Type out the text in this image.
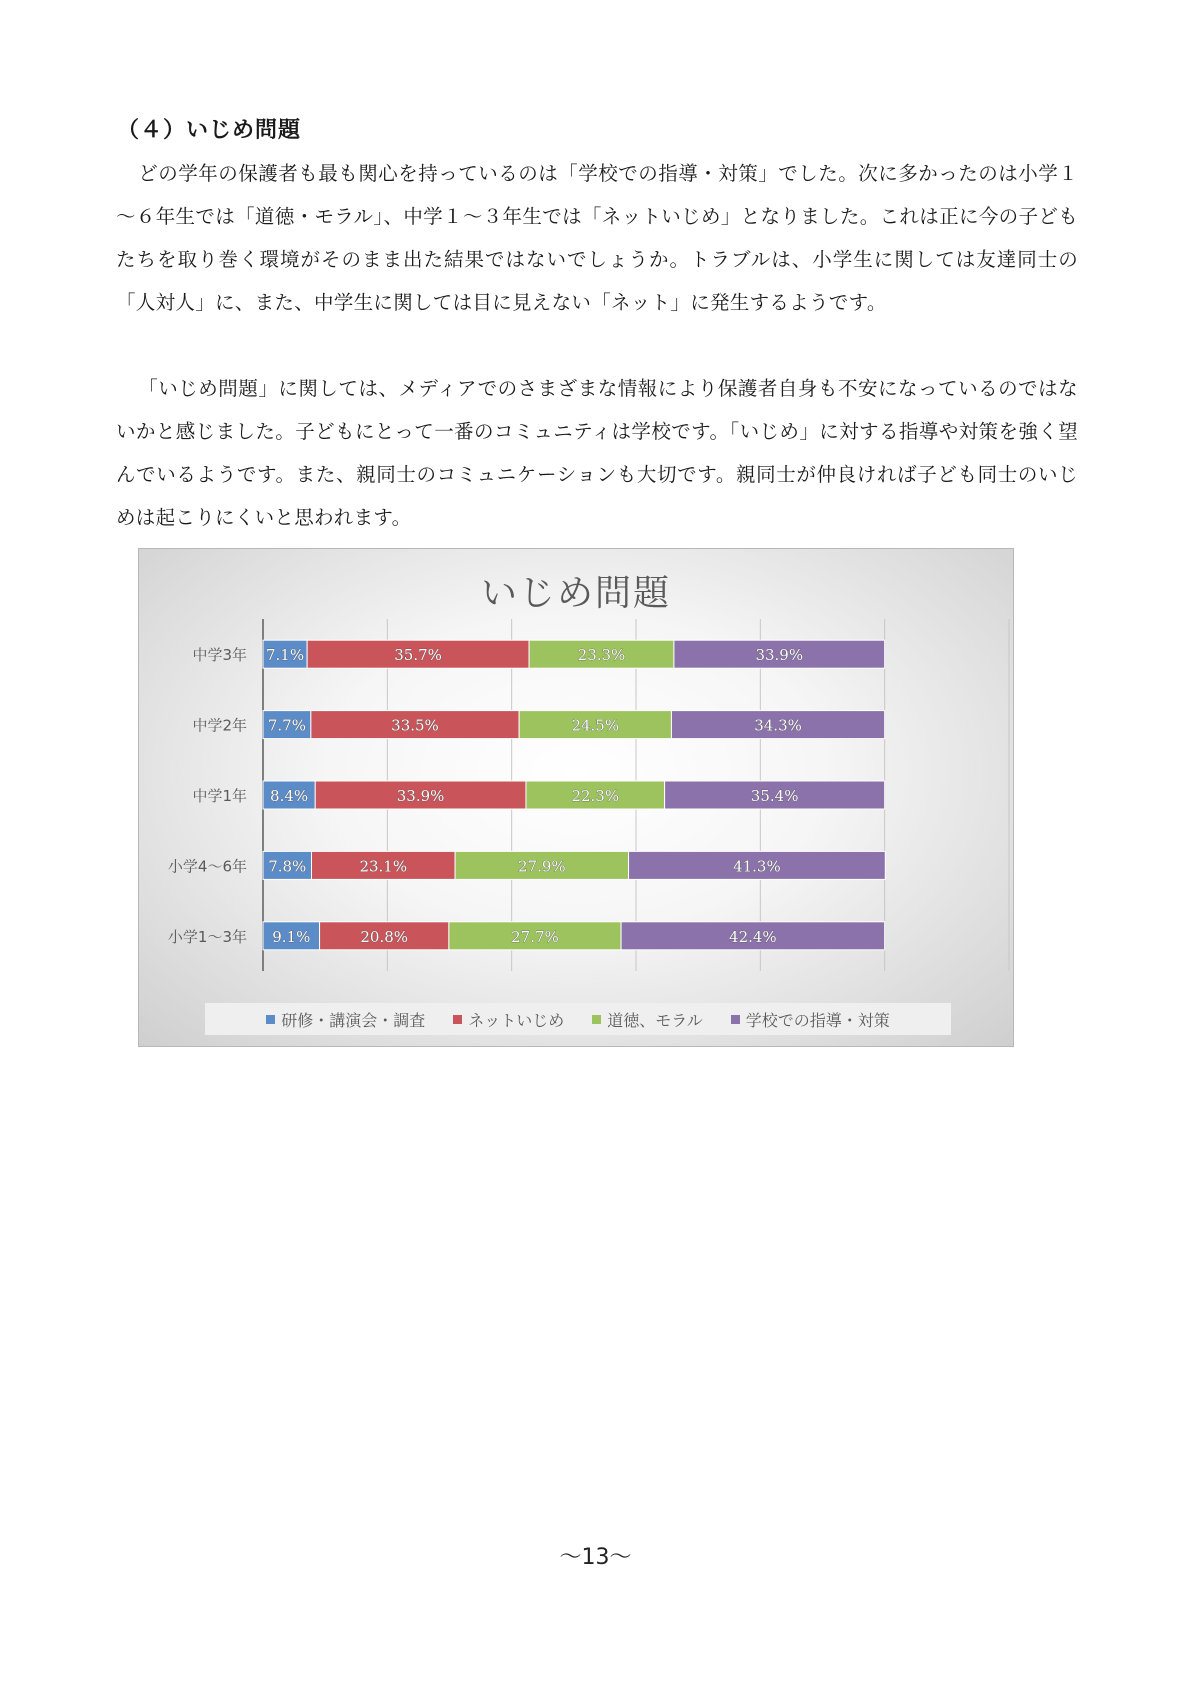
（４）いじめ問題
どの学年の保護者も最も関心を持っているのは「学校での指導・対策」でした。次に多かったのは小学１～６年生では「道徳・モラル」、中学１～３年生では「ネットいじめ」となりました。これは正に今の子どもたちを取り巻く環境がそのまま出た結果ではないでしょうか。トラブルは、小学生に関しては友達同士の「人対人」に、また、中学生に関しては目に見えない「ネット」に発生するようです。
「いじめ問題」に関しては、メディアでのさまざまな情報により保護者自身も不安になっているのではないかと感じました。子どもにとって一番のコミュニティは学校です。「いじめ」に対する指導や対策を強く望んでいるようです。また、親同士のコミュニケーションも大切です。親同士が仲良ければ子ども同士のいじめは起こりにくいと思われます。
いじめ問題
中学3年 7.1%	35.7%	23.3%	33.9%
中学2年 7.7%	33.5%	24.5%	34.3%
中学1年 8.4%	33.9%	22.3%	35.4%
小学4～6年 7.8%	23.1%	27.9%	41.3%
小学1～3年 9.1%	20.8%	27.7%	42.4%
研修・講演会・調査	ネットいじめ	道徳、モラル	学校での指導・対策
～13～
